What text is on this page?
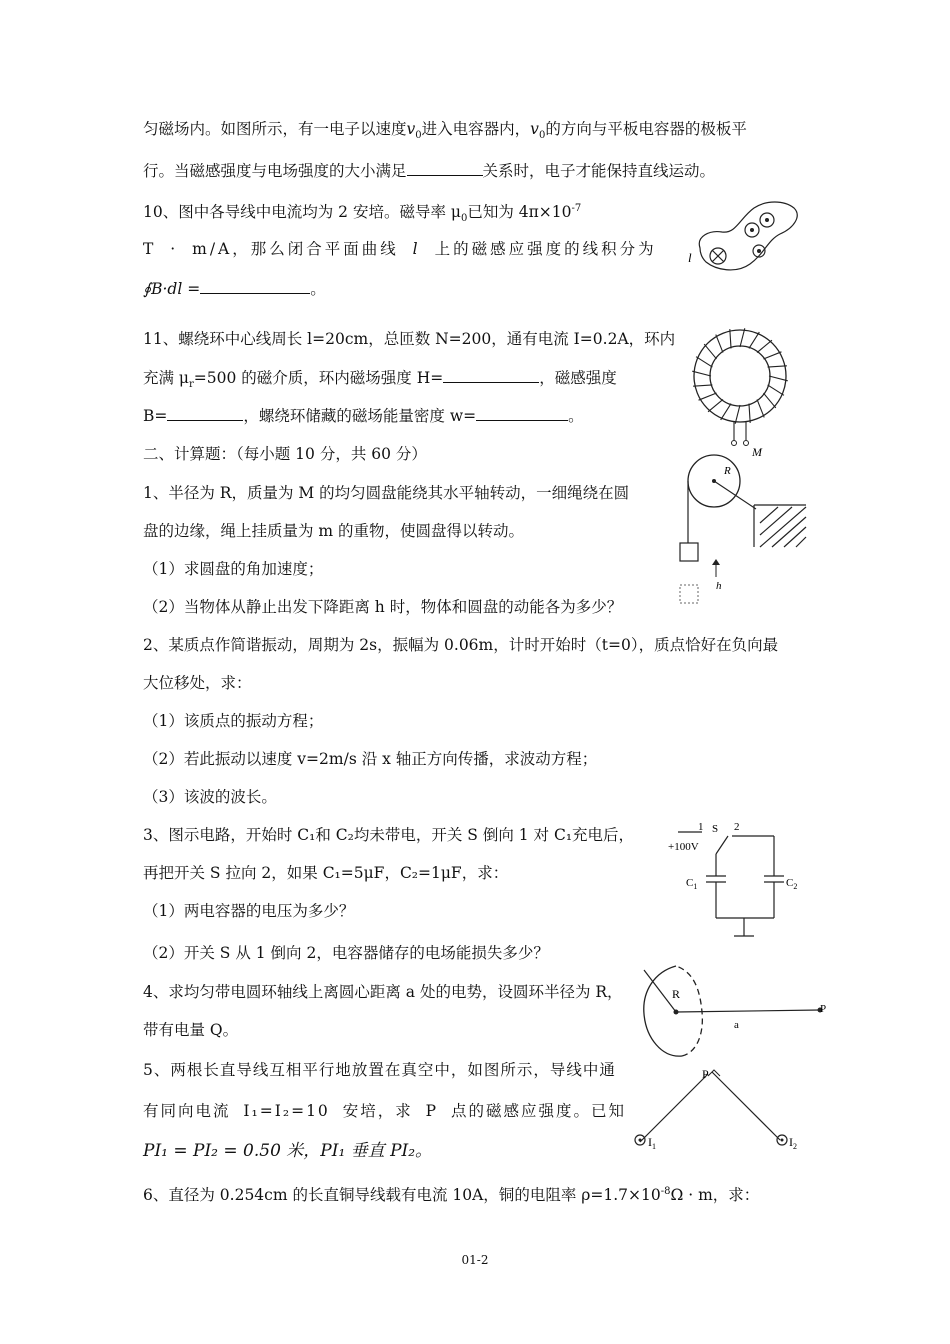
匀磁场内。如图所示，有一电子以速度$v_0$进入电容器内，$v_0$的方向与平板电容器的极板平
行。当磁感强度与电场强度的大小满足	关系时，电子才能保持直线运动。
10、图中各导线中电流均为 2 安培。磁导率 $\mu_0$已知为 $4\pi\times 10^{-7}$
T · m/A，那么闭合平面曲线 l 上的磁感应强度的线积分为
∮B·dl =	。
l
11、螺绕环中心线周长 l=20cm，总匝数 N=200，通有电流 I=0.2A，环内
充满 $\mu_r=500$ 的磁介质，环内磁场强度 H=	，磁感强度
B=	，螺绕环储藏的磁场能量密度 w=	。
M
二、计算题：（每小题 10 分，共 60 分）
1、半径为 R，质量为 M 的均匀圆盘能绕其水平轴转动，一细绳绕在圆
盘的边缘，绳上挂质量为 m 的重物，使圆盘得以转动。
（1）求圆盘的角加速度；
（2）当物体从静止出发下降距离 h 时，物体和圆盘的动能各为多少？
R
h
2、某质点作简谐振动，周期为 2s，振幅为 0.06m，计时开始时（t=0），质点恰好在负向最
大位移处，求：
（1）该质点的振动方程；
（2）若此振动以速度 v=2m/s 沿 x 轴正方向传播，求波动方程；
（3）该波的波长。
3、图示电路，开始时 C₁和 C₂均未带电，开关 S 倒向 1 对 C₁充电后，
再把开关 S 拉向 2，如果 C₁=5μF，C₂=1μF，求：
（1）两电容器的电压为多少？
（2）开关 S 从 1 倒向 2，电容器储存的电场能损失多少？
1 S 2
+100V
$C_1$	$C_2$
4、求均匀带电圆环轴线上离圆心距离 a 处的电势，设圆环半径为 R，
带有电量 Q。
R
a
P
5、两根长直导线互相平行地放置在真空中，如图所示，导线中通
有同向电流 I₁=I₂=10 安培，求 P 点的磁感应强度。已知
PI₁ = PI₂ = 0.50 米，PI₁ 垂直 PI₂。
P
$I_1$	$I_2$
6、直径为 0.254cm 的长直铜导线载有电流 10A，铜的电阻率 $\rho=1.7\times 10^{-8}\Omega \cdot m$，求：
01-2
